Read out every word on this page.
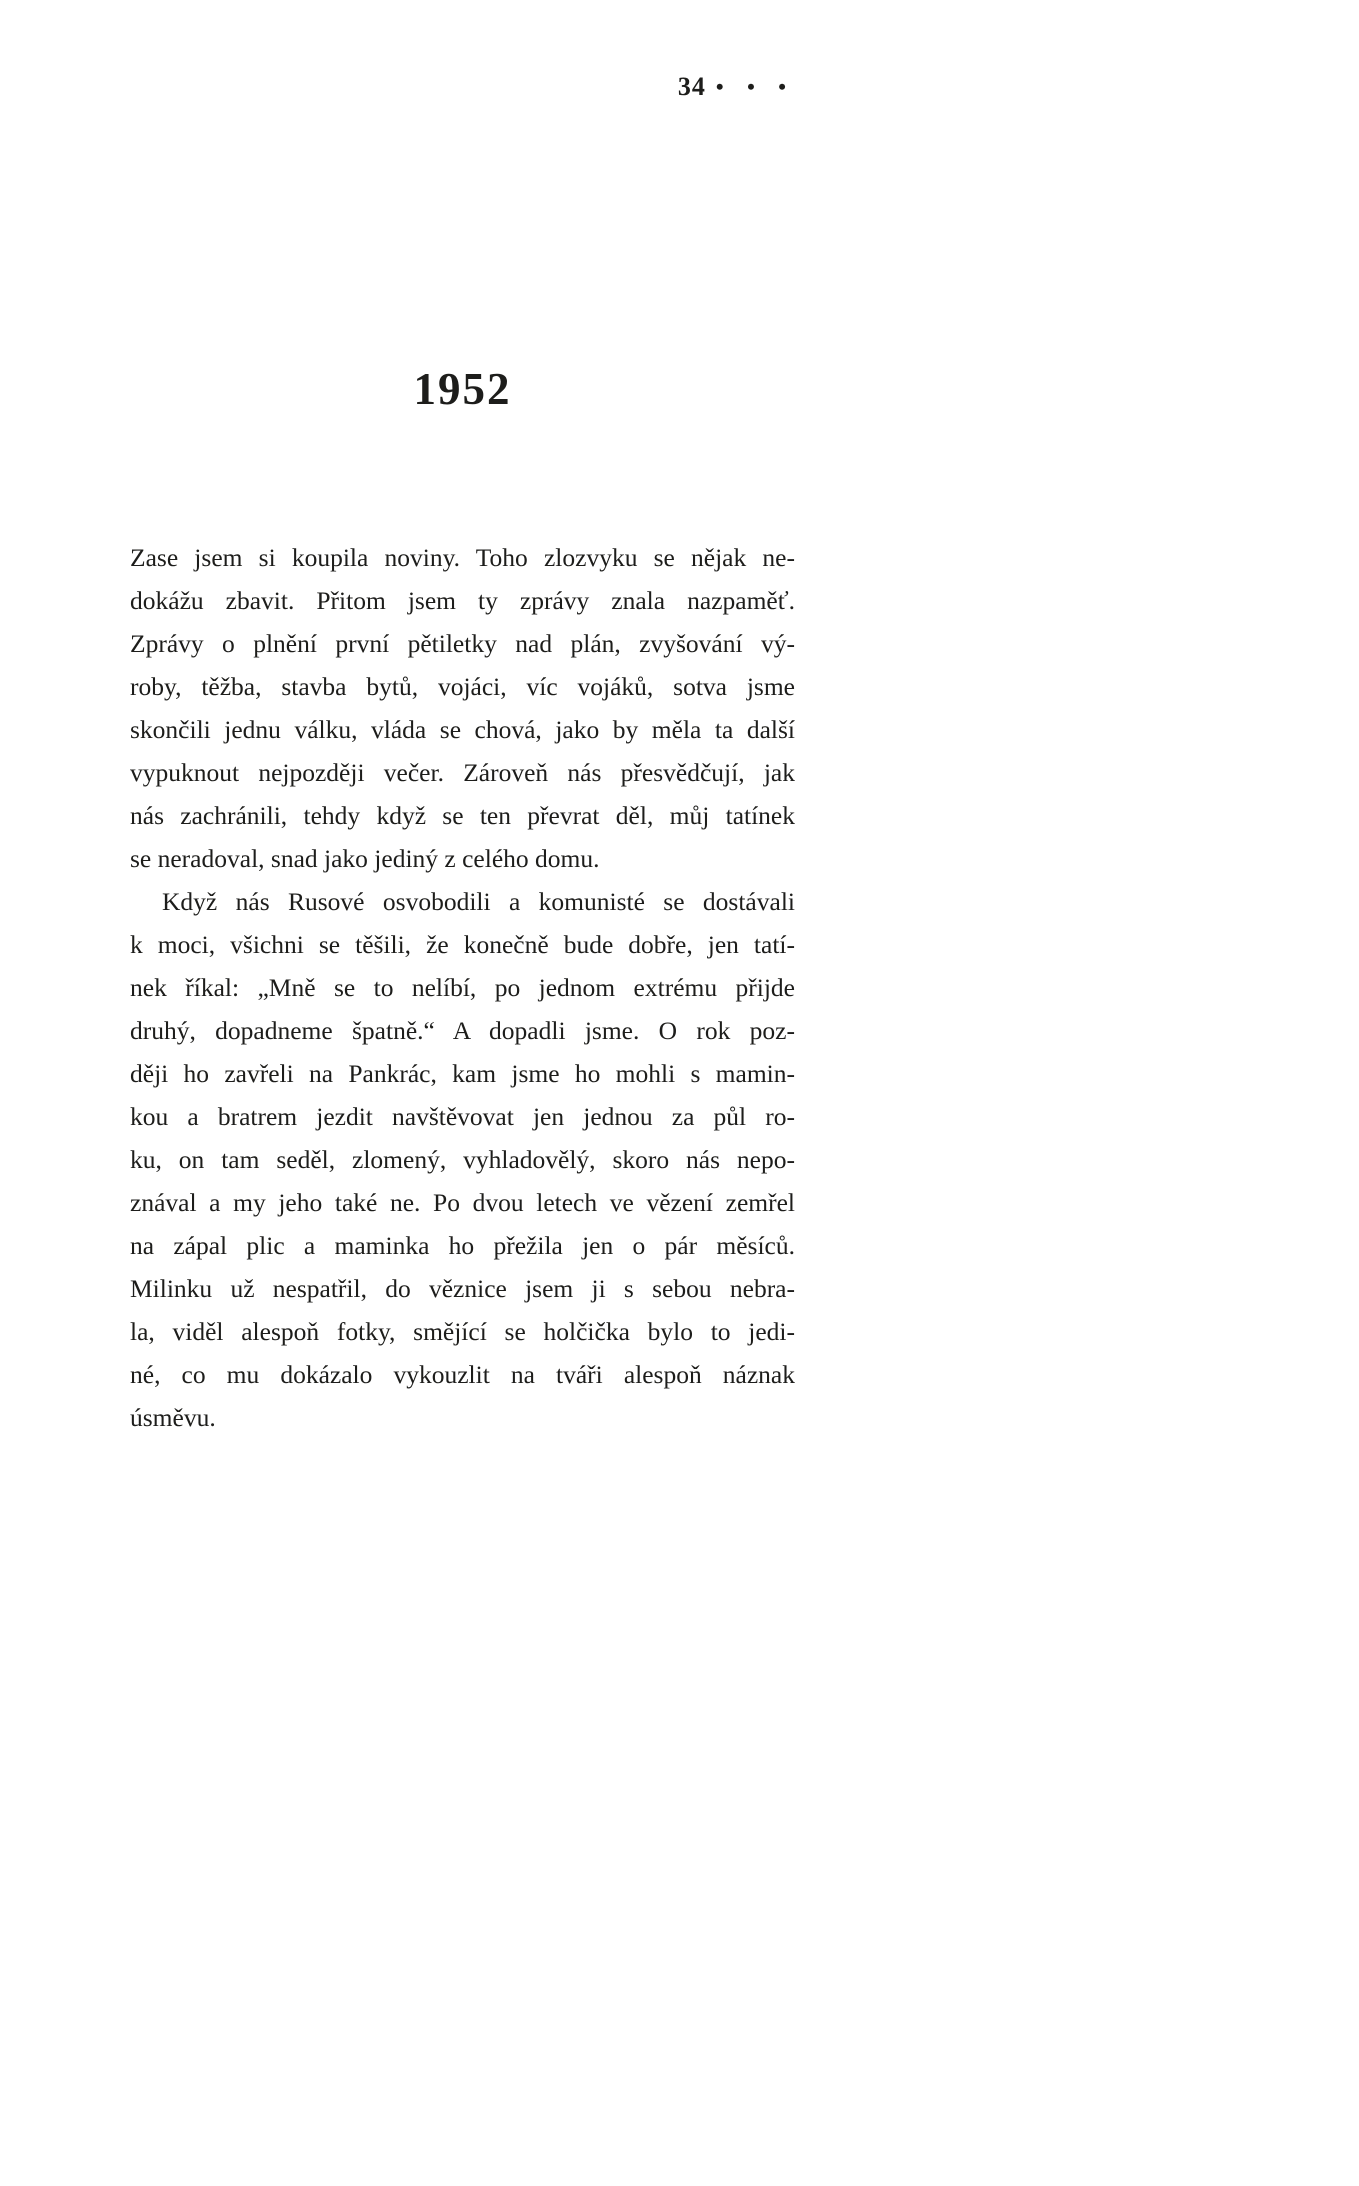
34 • • •
1952
Zase jsem si koupila noviny. Toho zlozvyku se nějak ne-
dokážu zbavit. Přitom jsem ty zprávy znala nazpaměť.
Zprávy o plnění první pětiletky nad plán, zvyšování vý-
roby, těžba, stavba bytů, vojáci, víc vojáků, sotva jsme
skončili jednu válku, vláda se chová, jako by měla ta další
vypuknout nejpozději večer. Zároveň nás přesvědčují, jak
nás zachránili, tehdy když se ten převrat děl, můj tatínek
se neradoval, snad jako jediný z celého domu.
Když nás Rusové osvobodili a komunisté se dostávali
k moci, všichni se těšili, že konečně bude dobře, jen tatí-
nek říkal: „Mně se to nelíbí, po jednom extrému přijde
druhý, dopadneme špatně.“ A dopadli jsme. O rok poz-
ději ho zavřeli na Pankrác, kam jsme ho mohli s mamin-
kou a bratrem jezdit navštěvovat jen jednou za půl ro-
ku, on tam seděl, zlomený, vyhladovělý, skoro nás nepo-
znával a my jeho také ne. Po dvou letech ve vězení zemřel
na zápal plic a maminka ho přežila jen o pár měsíců.
Milinku už nespatřil, do věznice jsem ji s sebou nebra-
la, viděl alespoň fotky, smějící se holčička bylo to jedi-
né, co mu dokázalo vykouzlit na tváři alespoň náznak
úsměvu.
